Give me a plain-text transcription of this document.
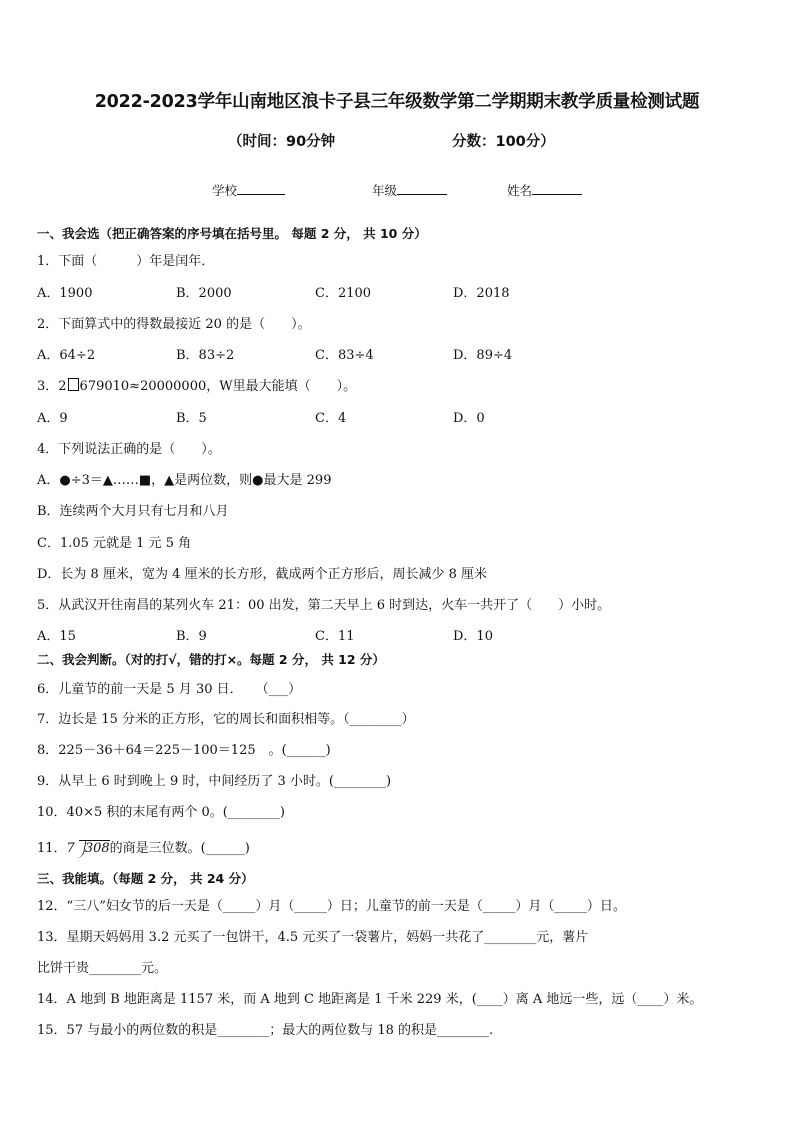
2022-2023学年山南地区浪卡子县三年级数学第二学期期末教学质量检测试题
（时间：90分钟	分数：100分）
学校	年级	姓名
一、我会选（把正确答案的序号填在括号里。 每题 2 分， 共 10 分）
1．下面（　　　）年是闰年．
A．1900	B．2000	C．2100	D．2018
2．下面算式中的得数最接近 20 的是（　　）。
A．64÷2	B．83÷2	C．83÷4	D．89÷4
3．2 679010≈20000000，W里最大能填（　　）。
A．9	B．5	C．4	D．0
4．下列说法正确的是（　　）。
A．●÷3＝▲……■，▲是两位数，则●最大是 299
B．连续两个大月只有七月和八月
C．1.05 元就是 1 元 5 角
D．长为 8 厘米，宽为 4 厘米的长方形，截成两个正方形后，周长减少 8 厘米
5．从武汉开往南昌的某列火车 21：00 出发，第二天早上 6 时到达，火车一共开了（　　）小时。
A．15	B．9	C．11	D．10
二、我会判断。（对的打√，错的打×。每题 2 分， 共 12 分）
6．儿童节的前一天是 5 月 30 日．　　（___）
7．边长是 15 分米的正方形，它的周长和面积相等。（________）
8．225－36＋64＝225－100＝125　。(______)
9．从早上 6 时到晚上 9 时，中间经历了 3 小时。(________)
10．40×5 积的末尾有两个 0。(________)
11．7 308的商是三位数。(______)
三、我能填。（每题 2 分， 共 24 分）
12．“三八”妇女节的后一天是（_____）月（_____）日；儿童节的前一天是（_____）月（_____）日。
13．星期天妈妈用 3.2 元买了一包饼干，4.5 元买了一袋薯片，妈妈一共花了________元，薯片
比饼干贵________元。
14．A 地到 B 地距离是 1157 米，而 A 地到 C 地距离是 1 千米 229 米，(____）离 A 地远一些，远（____）米。
15．57 与最小的两位数的积是________；最大的两位数与 18 的积是________.
